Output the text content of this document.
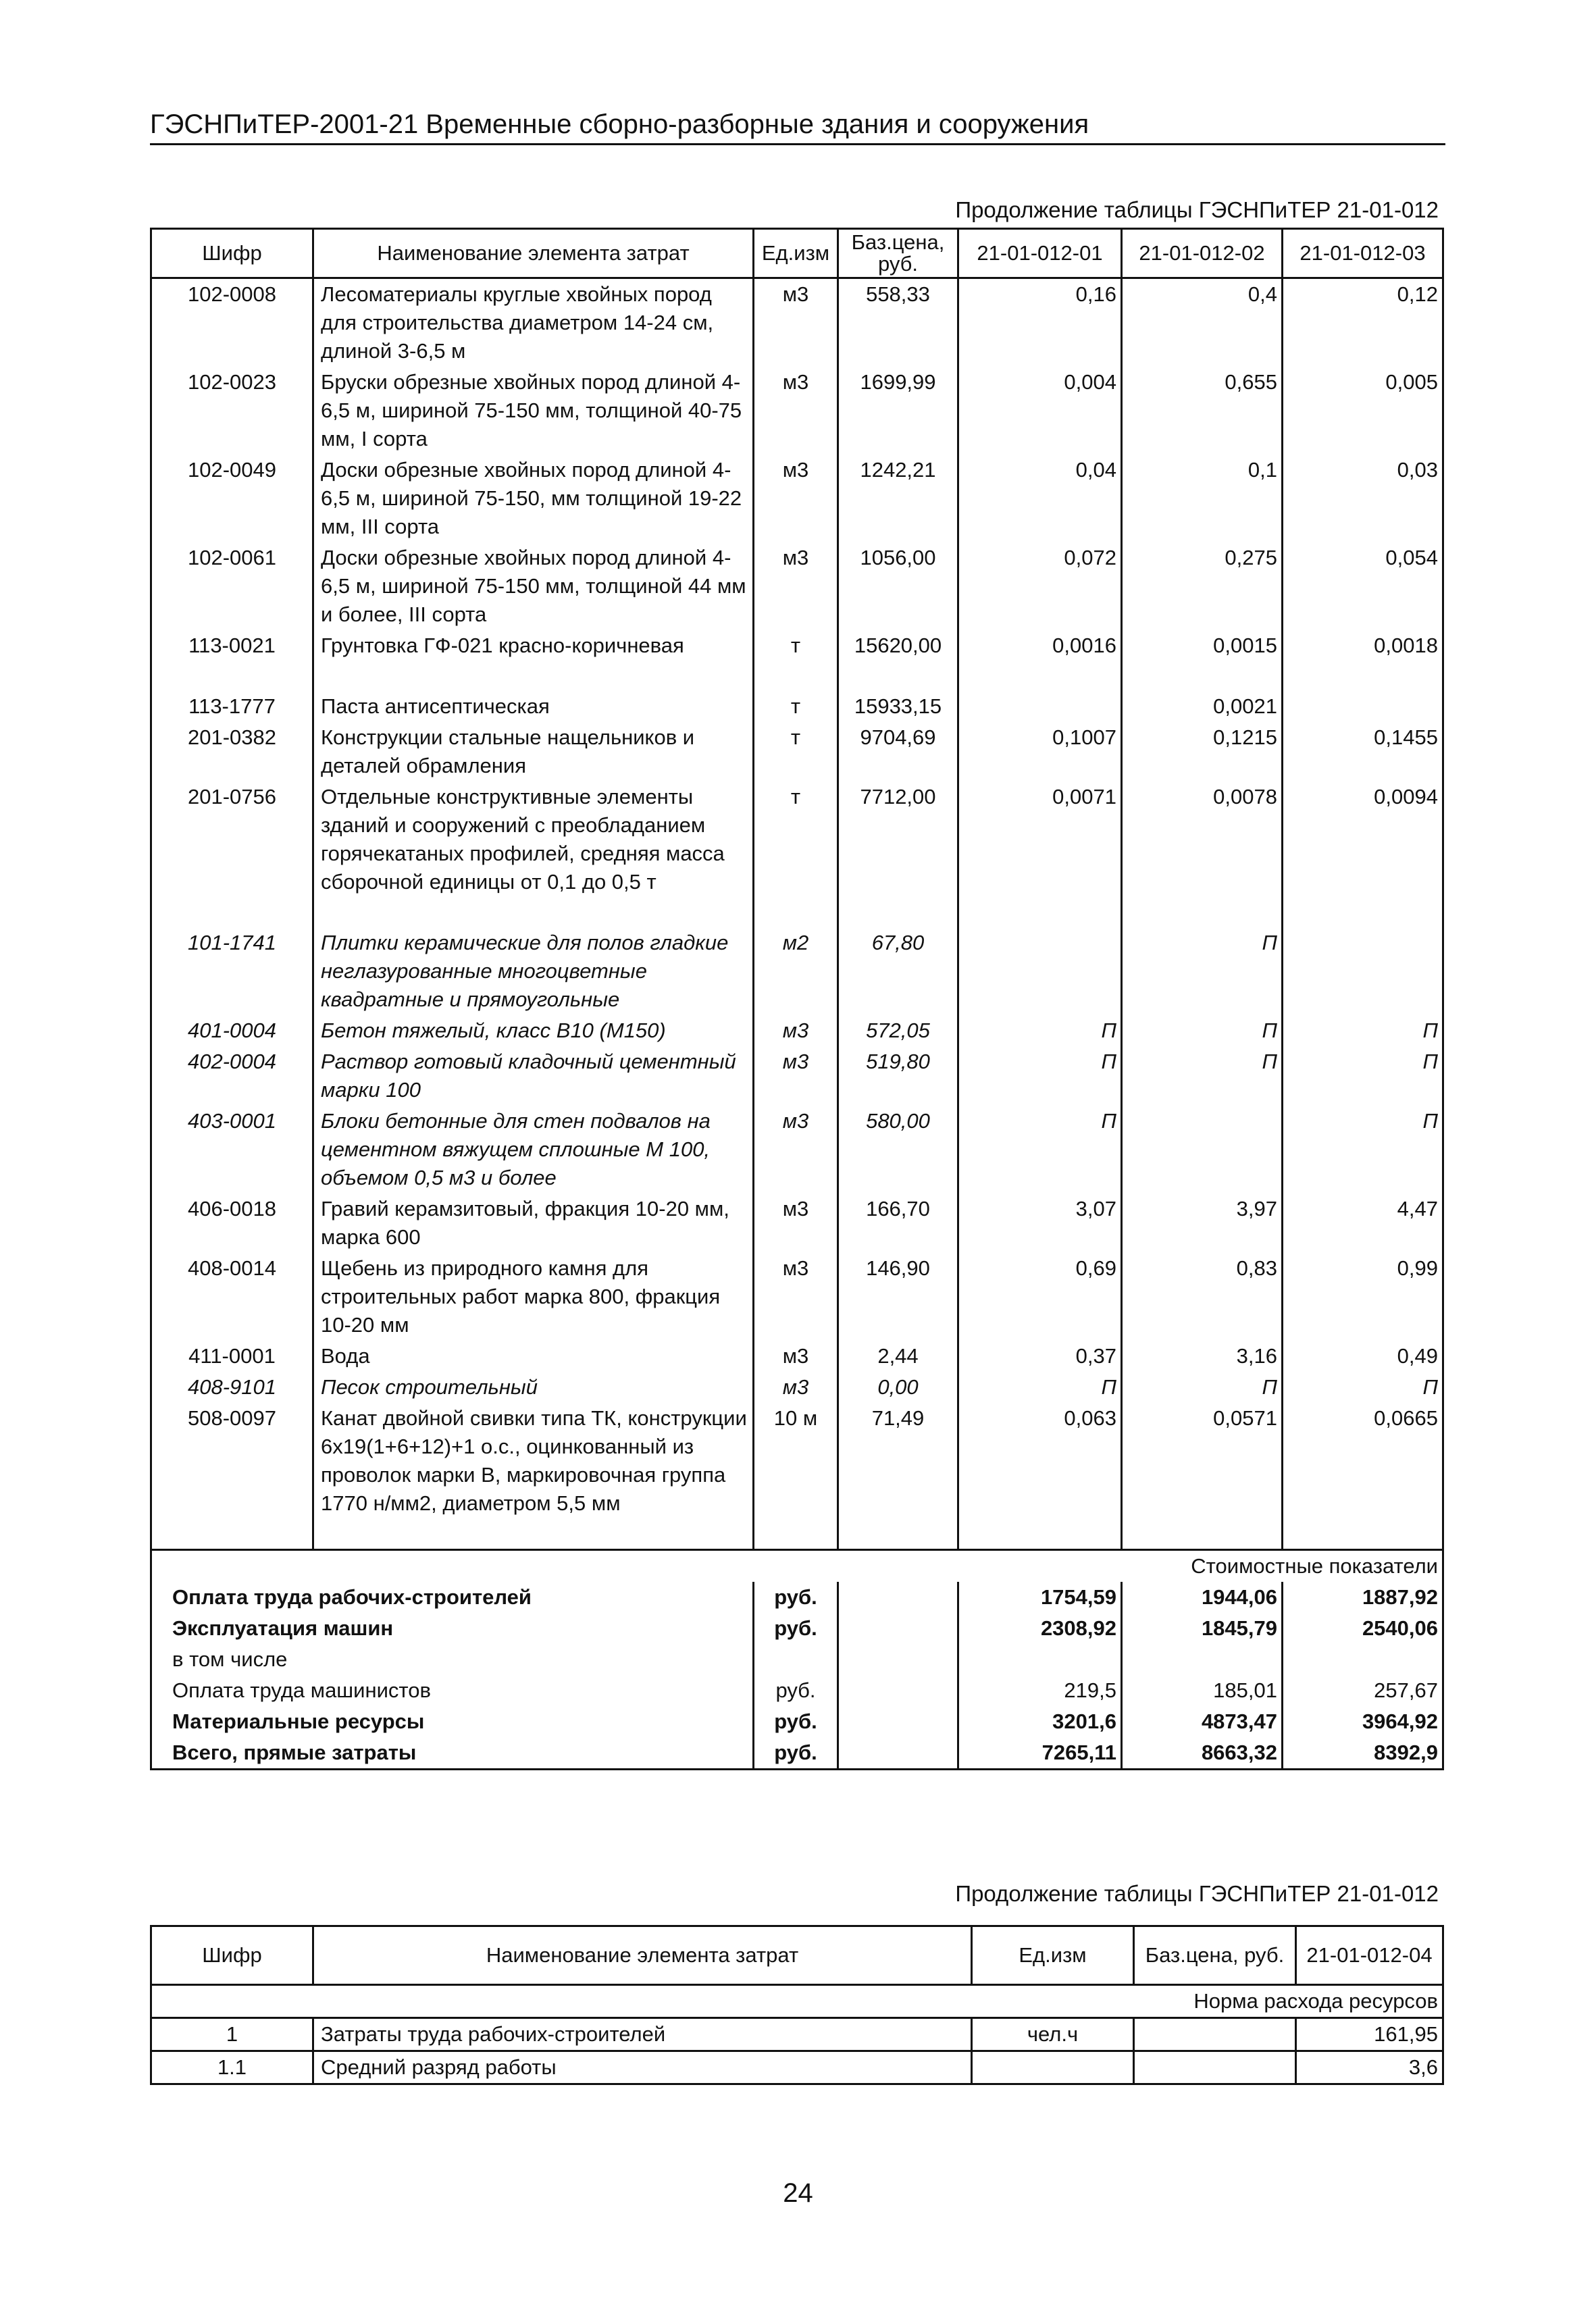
ГЭСНПиТЕР-2001-21 Временные сборно-разборные здания и сооружения
Продолжение таблицы ГЭСНПиТЕР 21-01-012
Шифр	Наименование элемента затрат	Ед.изм	Баз.цена, руб.	21-01-012-01	21-01-012-02	21-01-012-03
102-0008	Лесоматериалы круглые хвойных пород для строительства диаметром 14-24 см, длиной 3-6,5 м	м3	558,33	0,16	0,4	0,12
102-0023	Бруски обрезные хвойных пород длиной 4-6,5 м, шириной 75-150 мм, толщиной 40-75 мм, I сорта	м3	1699,99	0,004	0,655	0,005
102-0049	Доски обрезные хвойных пород длиной 4-6,5 м, шириной 75-150, мм толщиной 19-22 мм, III сорта	м3	1242,21	0,04	0,1	0,03
102-0061	Доски обрезные хвойных пород длиной 4-6,5 м, шириной 75-150 мм, толщиной 44 мм и более, III сорта	м3	1056,00	0,072	0,275	0,054
113-0021	Грунтовка ГФ-021 красно-коричневая	т	15620,00	0,0016	0,0015	0,0018

113-1777	Паста антисептическая	т	15933,15		0,0021	
201-0382	Конструкции стальные нащельников и деталей обрамления	т	9704,69	0,1007	0,1215	0,1455
201-0756	Отдельные конструктивные элементы зданий и сооружений с преобладанием горячекатаных профилей, средняя масса сборочной единицы от 0,1 до 0,5 т	т	7712,00	0,0071	0,0078	0,0094

101-1741	Плитки керамические для полов гладкие неглазурованные многоцветные квадратные и прямоугольные	м2	67,80		П	
401-0004	Бетон тяжелый, класс В10 (М150)	м3	572,05	П	П	П
402-0004	Раствор готовый кладочный цементный марки 100	м3	519,80	П	П	П
403-0001	Блоки бетонные для стен подвалов на цементном вяжущем сплошные М 100, объемом 0,5 м3 и более	м3	580,00	П		П
406-0018	Гравий керамзитовый, фракция 10-20 мм, марка 600	м3	166,70	3,07	3,97	4,47
408-0014	Щебень из природного камня для строительных работ марка 800, фракция 10-20 мм	м3	146,90	0,69	0,83	0,99
411-0001	Вода	м3	2,44	0,37	3,16	0,49
408-9101	Песок строительный	м3	0,00	П	П	П
508-0097	Канат двойной свивки типа ТК, конструкции 6х19(1+6+12)+1 о.с., оцинкованный из проволок марки В, маркировочная группа 1770 н/мм2, диаметром 5,5 мм	10 м	71,49	0,063	0,0571	0,0665

Стоимостные показатели						
Оплата труда рабочих-строителей		руб.		1754,59	1944,06	1887,92
Эксплуатация машин		руб.		2308,92	1845,79	2540,06
в том числе						
Оплата труда машинистов		руб.		219,5	185,01	257,67
Материальные ресурсы		руб.		3201,6	4873,47	3964,92
Всего, прямые затраты		руб.		7265,11	8663,32	8392,9
Продолжение таблицы ГЭСНПиТЕР 21-01-012
Шифр	Наименование элемента затрат	Ед.изм	Баз.цена, руб.	21-01-012-04
Норма расхода ресурсов				
1	Затраты труда рабочих-строителей	чел.ч		161,95
1.1	Средний разряд работы			3,6
24
